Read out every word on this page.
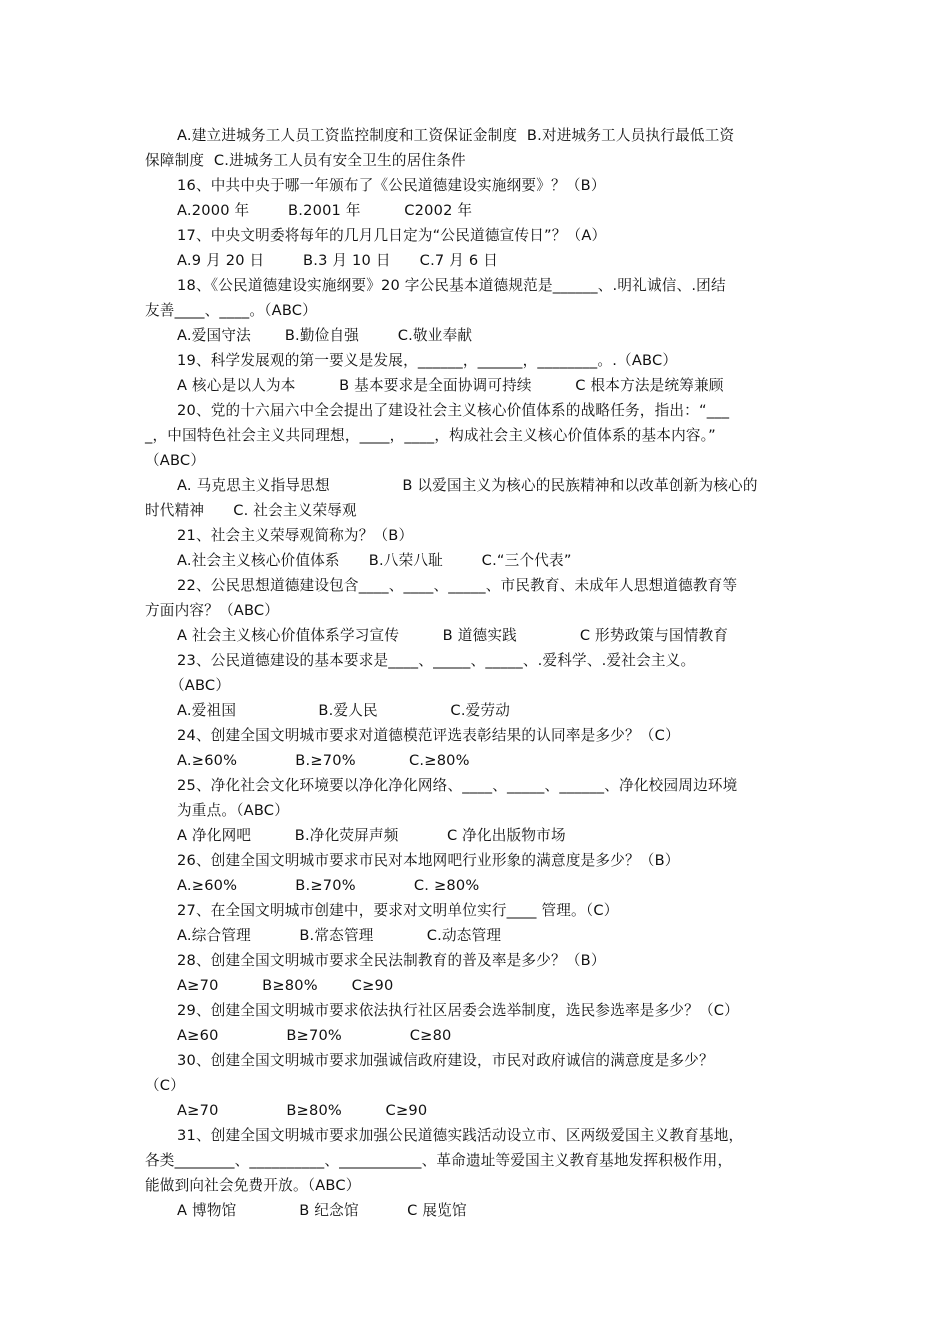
A.建立进城务工人员工资监控制度和工资保证金制度  B.对进城务工人员执行最低工资
保障制度  C.进城务工人员有安全卫生的居住条件
16、中共中央于哪一年颁布了《公民道德建设实施纲要》？（B）
A.2000 年        B.2001 年         C2002 年
17、中央文明委将每年的几月几日定为“公民道德宣传日”？（A）
A.9 月 20 日        B.3 月 10 日      C.7 月 6 日
18、《公民道德建设实施纲要》20 字公民基本道德规范是______、.明礼诚信、.团结
友善____、____。（ABC）
A.爱国守法       B.勤俭自强        C.敬业奉献
19、科学发展观的第一要义是发展，______，______，________。.（ABC）
A 核心是以人为本         B 基本要求是全面协调可持续         C 根本方法是统筹兼顾
20、党的十六届六中全会提出了建设社会主义核心价值体系的战略任务，指出：“___
_，中国特色社会主义共同理想，____，____，构成社会主义核心价值体系的基本内容。”
（ABC）
A. 马克思主义指导思想               B 以爱国主义为核心的民族精神和以改革创新为核心的
时代精神      C. 社会主义荣辱观
21、社会主义荣辱观简称为？（B）
A.社会主义核心价值体系      B.八荣八耻        C.“三个代表”
22、公民思想道德建设包含____、____、_____、市民教育、未成年人思想道德教育等
方面内容？（ABC）
A 社会主义核心价值体系学习宣传         B 道德实践             C 形势政策与国情教育
23、公民道德建设的基本要求是____、_____、_____、.爱科学、.爱社会主义。
（ABC）
A.爱祖国                 B.爱人民               C.爱劳动
24、创建全国文明城市要求对道德模范评选表彰结果的认同率是多少？（C）
A.≥60%            B.≥70%           C.≥80%
25、净化社会文化环境要以净化净化网络、____、_____、______、净化校园周边环境
为重点。（ABC）
A 净化网吧         B.净化荧屏声频          C 净化出版物市场
26、创建全国文明城市要求市民对本地网吧行业形象的满意度是多少？（B）
A.≥60%            B.≥70%            C. ≥80%
27、在全国文明城市创建中，要求对文明单位实行____ 管理。（C）
A.综合管理          B.常态管理           C.动态管理
28、创建全国文明城市要求全民法制教育的普及率是多少？（B）
A≥70         B≥80%       C≥90
29、创建全国文明城市要求依法执行社区居委会选举制度，选民参选率是多少？（C）
A≥60              B≥70%              C≥80
30、创建全国文明城市要求加强诚信政府建设，市民对政府诚信的满意度是多少？
（C）
A≥70              B≥80%         C≥90
31、创建全国文明城市要求加强公民道德实践活动设立市、区两级爱国主义教育基地，
各类________、__________、___________、革命遗址等爱国主义教育基地发挥积极作用，
能做到向社会免费开放。（ABC）
A 博物馆             B 纪念馆          C 展览馆
